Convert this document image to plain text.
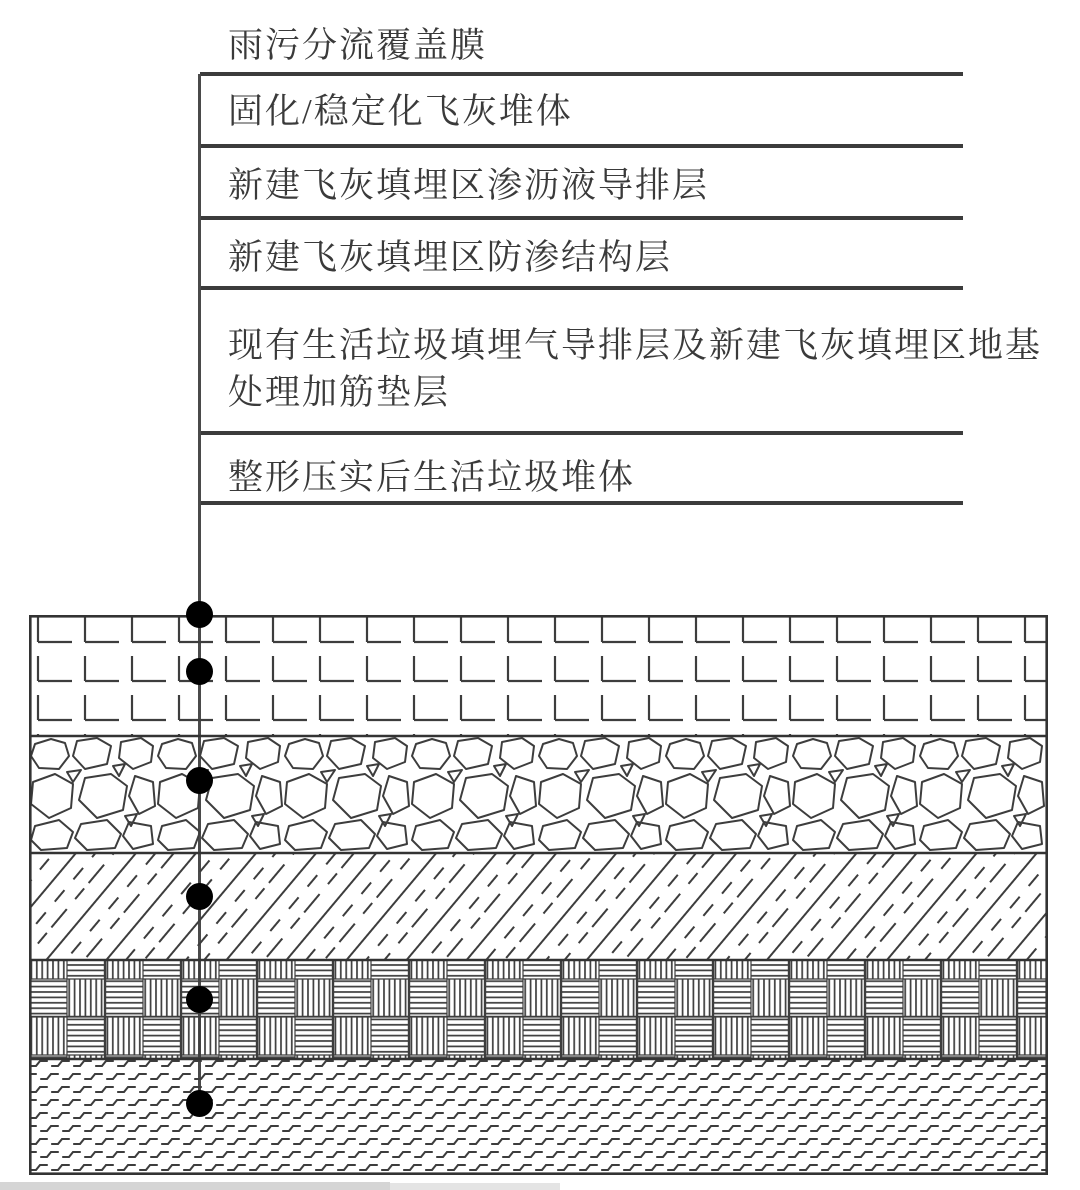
雨污分流覆盖膜
固化/稳定化飞灰堆体
新建飞灰填埋区渗沥液导排层
新建飞灰填埋区防渗结构层
现有生活垃圾填埋气导排层及新建飞灰填埋区地基
处理加筋垫层
整形压实后生活垃圾堆体
